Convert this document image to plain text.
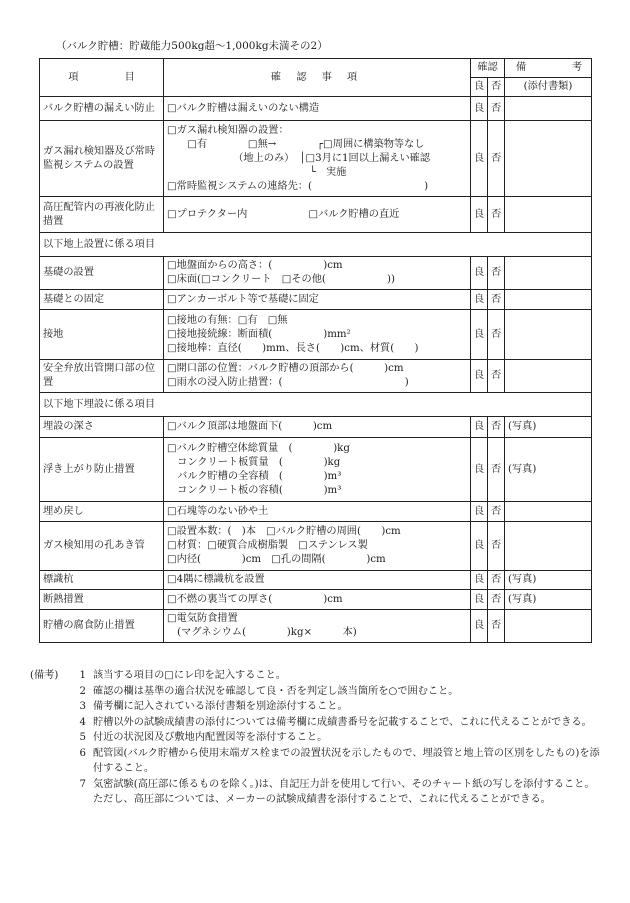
（バルク貯槽：貯蔵能力500kg超～1,000kg未満その2）
項　目	確 認 事 項	確認		備 考

		良	否	(添付書類)
バルク貯槽の漏えい防止	□バルク貯槽は漏えいのない構造	良	否	
ガス漏れ検知器及び常時監視システムの設置	□ガス漏れ検知器の設置：
　　□有　　　　□無→　　　　┌□周囲に構築物等なし
　　　　　　　（地上のみ）　│□3月に1回以上漏えい確認
　　　　　　　　　　　　　　└　実施
□常時監視システムの連絡先：(　　　　　　　　　　　)	良	否	
高圧配管内の再液化防止措置	□プロテクター内　　　　　　□バルク貯槽の直近	良	否	
以下地上設置に係る項目				
基礎の設置	□地盤面からの高さ：(　　　　　)cm
□床面(□コンクリート　□その他(　　　　　　))	良	否	
基礎との固定	□アンカーボルト等で基礎に固定	良	否	
接地	□接地の有無：□有　□無
□接地接続線：断面積(　　　　　)mm²
□接地棒：直径(　　)mm、長さ(　　)cm、材質(　　)	良	否	
安全弁放出管開口部の位置	□開口部の位置：バルク貯槽の頂部から(　　　)cm
□雨水の浸入防止措置：(　　　　　　　　　　　　)	良	否	
以下地下埋設に係る項目				
埋設の深さ	□バルク頂部は地盤面下(　　　)cm	良	否	(写真)
浮き上がり防止措置	□バルク貯槽空体総質量　(　　　　)kg
　コンクリート板質量　(　　　　)kg
　バルク貯槽の全容積　(　　　　)m³
　コンクリート板の容積(　　　　)m³	良	否	(写真)
埋め戻し	□石塊等のない砂や土	良	否	
ガス検知用の孔あき管	□設置本数：(　)本　□バルク貯槽の周囲(　　)cm
□材質：□硬質合成樹脂製　□ステンレス製
□内径(　　　　)cm　□孔の間隔(　　　　)cm	良	否	
標識杭	□4隅に標識杭を設置	良	否	(写真)
断熱措置	□不燃の裏当ての厚さ(　　　　　)cm	良	否	(写真)
貯槽の腐食防止措置	□電気防食措置
　(マグネシウム(　　　　)kg×　　　本)	良	否	
(備考)	1 該当する項目の□にレ印を記入すること。
2 確認の欄は基準の適合状況を確認して良・否を判定し該当箇所を○で囲むこと。
3 備考欄に記入されている添付書類を別途添付すること。
4 貯槽以外の試験成績書の添付については備考欄に成績書番号を記載することで、これに代えることができる。
5 付近の状況図及び敷地内配置図等を添付すること。
6 配管図(バルク貯槽から使用末端ガス栓までの設置状況を示したもので、埋設管と地上管の区別をしたもの)を添付すること。
7 気密試験(高圧部に係るものを除く。)は、自記圧力計を使用して行い、そのチャート紙の写しを添付すること。ただし、高圧部については、メーカーの試験成績書を添付することで、これに代えることができる。
